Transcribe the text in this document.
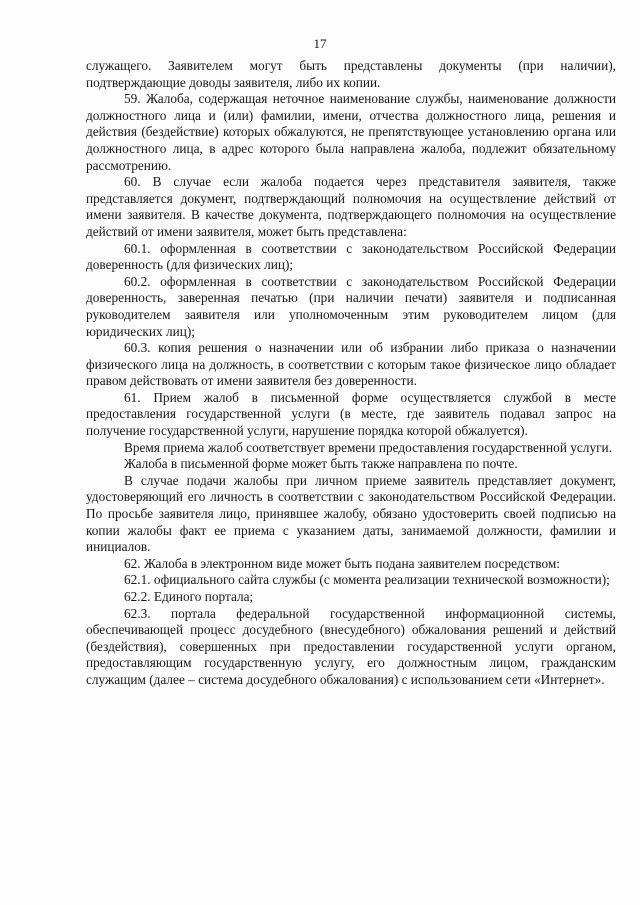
17

служащего. Заявителем могут быть представлены документы (при наличии), подтверждающие доводы заявителя, либо их копии.

59. Жалоба, содержащая неточное наименование службы, наименование должности должностного лица и (или) фамилии, имени, отчества должностного лица, решения и действия (бездействие) которых обжалуются, не препятствующее установлению органа или должностного лица, в адрес которого была направлена жалоба, подлежит обязательному рассмотрению.

60. В случае если жалоба подается через представителя заявителя, также представляется документ, подтверждающий полномочия на осуществление действий от имени заявителя. В качестве документа, подтверждающего полномочия на осуществление действий от имени заявителя, может быть представлена:

60.1. оформленная в соответствии с законодательством Российской Федерации доверенность (для физических лиц);

60.2. оформленная в соответствии с законодательством Российской Федерации доверенность, заверенная печатью (при наличии печати) заявителя и подписанная руководителем заявителя или уполномоченным этим руководителем лицом (для юридических лиц);

60.3. копия решения о назначении или об избрании либо приказа о назначении физического лица на должность, в соответствии с которым такое физическое лицо обладает правом действовать от имени заявителя без доверенности.

61. Прием жалоб в письменной форме осуществляется службой в месте предоставления государственной услуги (в месте, где заявитель подавал запрос на получение государственной услуги, нарушение порядка которой обжалуется).

Время приема жалоб соответствует времени предоставления государственной услуги.

Жалоба в письменной форме может быть также направлена по почте.

В случае подачи жалобы при личном приеме заявитель представляет документ, удостоверяющий его личность в соответствии с законодательством Российской Федерации. По просьбе заявителя лицо, принявшее жалобу, обязано удостоверить своей подписью на копии жалобы факт ее приема с указанием даты, занимаемой должности, фамилии и инициалов.

62. Жалоба в электронном виде может быть подана заявителем посредством:

62.1. официального сайта службы (с момента реализации технической возможности);

62.2. Единого портала;

62.3. портала федеральной государственной информационной системы, обеспечивающей процесс досудебного (внесудебного) обжалования решений и действий (бездействия), совершенных при предоставлении государственной услуги органом, предоставляющим государственную услугу, его должностным лицом, гражданским служащим (далее – система досудебного обжалования) с использованием сети «Интернет».
